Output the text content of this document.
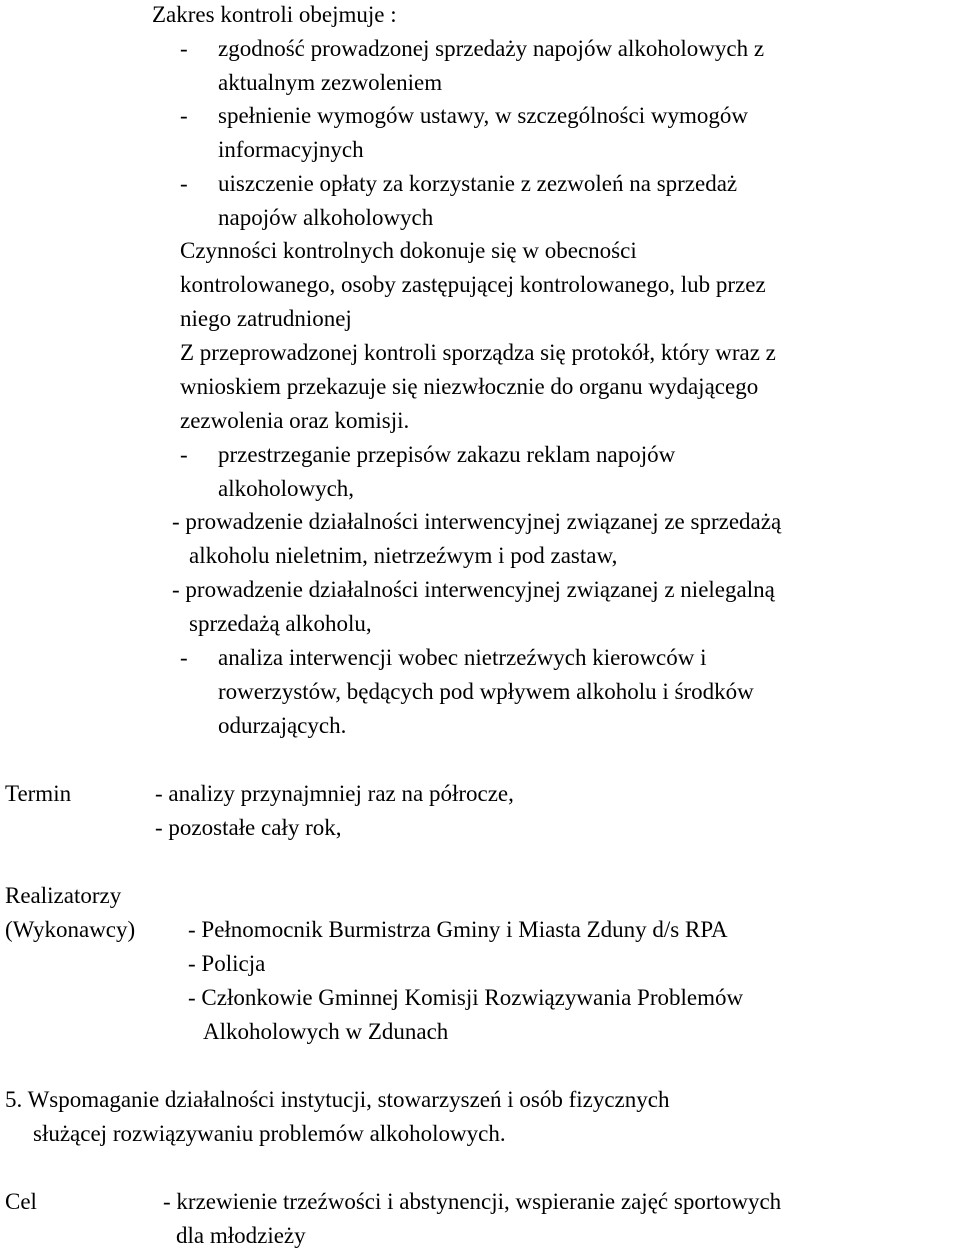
Zakres kontroli obejmuje :
- zgodność prowadzonej sprzedaży napojów alkoholowych z
aktualnym zezwoleniem
- spełnienie wymogów ustawy, w szczególności wymogów
informacyjnych
- uiszczenie opłaty za korzystanie z zezwoleń na sprzedaż
napojów alkoholowych
Czynności kontrolnych dokonuje się w obecności
kontrolowanego, osoby zastępującej kontrolowanego, lub przez
niego zatrudnionej
Z przeprowadzonej kontroli sporządza się protokół, który wraz z
wnioskiem przekazuje się niezwłocznie do organu wydającego
zezwolenia oraz komisji.
- przestrzeganie przepisów zakazu reklam napojów
alkoholowych,
- prowadzenie działalności interwencyjnej związanej ze sprzedażą
alkoholu nieletnim, nietrzeźwym i pod zastaw,
- prowadzenie działalności interwencyjnej związanej z nielegalną
sprzedażą alkoholu,
- analiza interwencji wobec nietrzeźwych kierowców i
rowerzystów, będących pod wpływem alkoholu i środków
odurzających.
Termin	- analizy przynajmniej raz na półrocze,
- pozostałe cały rok,
Realizatorzy
(Wykonawcy) - Pełnomocnik Burmistrza Gminy i Miasta Zduny d/s RPA
- Policja
- Członkowie Gminnej Komisji Rozwiązywania Problemów
Alkoholowych w Zdunach
5. Wspomaganie działalności instytucji, stowarzyszeń i osób fizycznych
służącej rozwiązywaniu problemów alkoholowych.
Cel	- krzewienie trzeźwości i abstynencji, wspieranie zajęć sportowych
dla młodzieży
